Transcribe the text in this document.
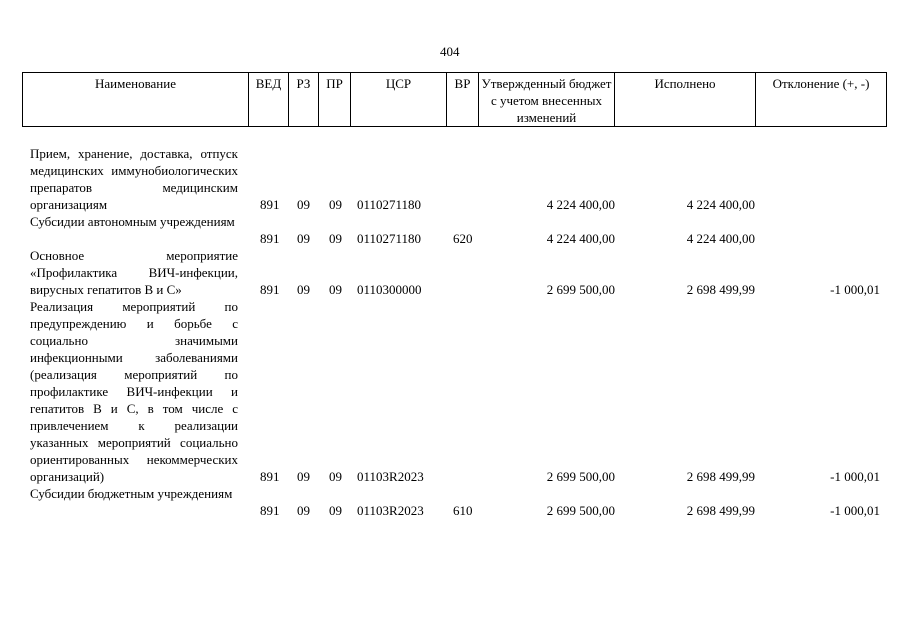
404
Наименование	ВЕД	РЗ	ПР	ЦСР	ВР	Утвержденный бюджет с учетом внесенных изменений	Исполнено	Отклонение (+, -)
Прием, хранение, доставка, отпуск медицинских иммунобиологических препаратов медицинским организациям	891 09 09 0110271180	4 224 400,00	4 224 400,00
Субсидии автономным учреждениям
891 09 09 0110271180 620	4 224 400,00	4 224 400,00
Основное мероприятие «Профилактика ВИЧ-инфекции, вирусных гепатитов В и С»	891 09 09 0110300000	2 699 500,00	2 698 499,99	-1 000,01
Реализация мероприятий по предупреждению и борьбе с социально значимыми инфекционными заболеваниями (реализация мероприятий по профилактике ВИЧ-инфекции и гепатитов В и С, в том числе с привлечением к реализации указанных мероприятий социально ориентированных некоммерческих организаций)	891 09 09 01103R2023	2 699 500,00	2 698 499,99	-1 000,01
Субсидии бюджетным учреждениям
891 09 09 01103R2023 610	2 699 500,00	2 698 499,99	-1 000,01
